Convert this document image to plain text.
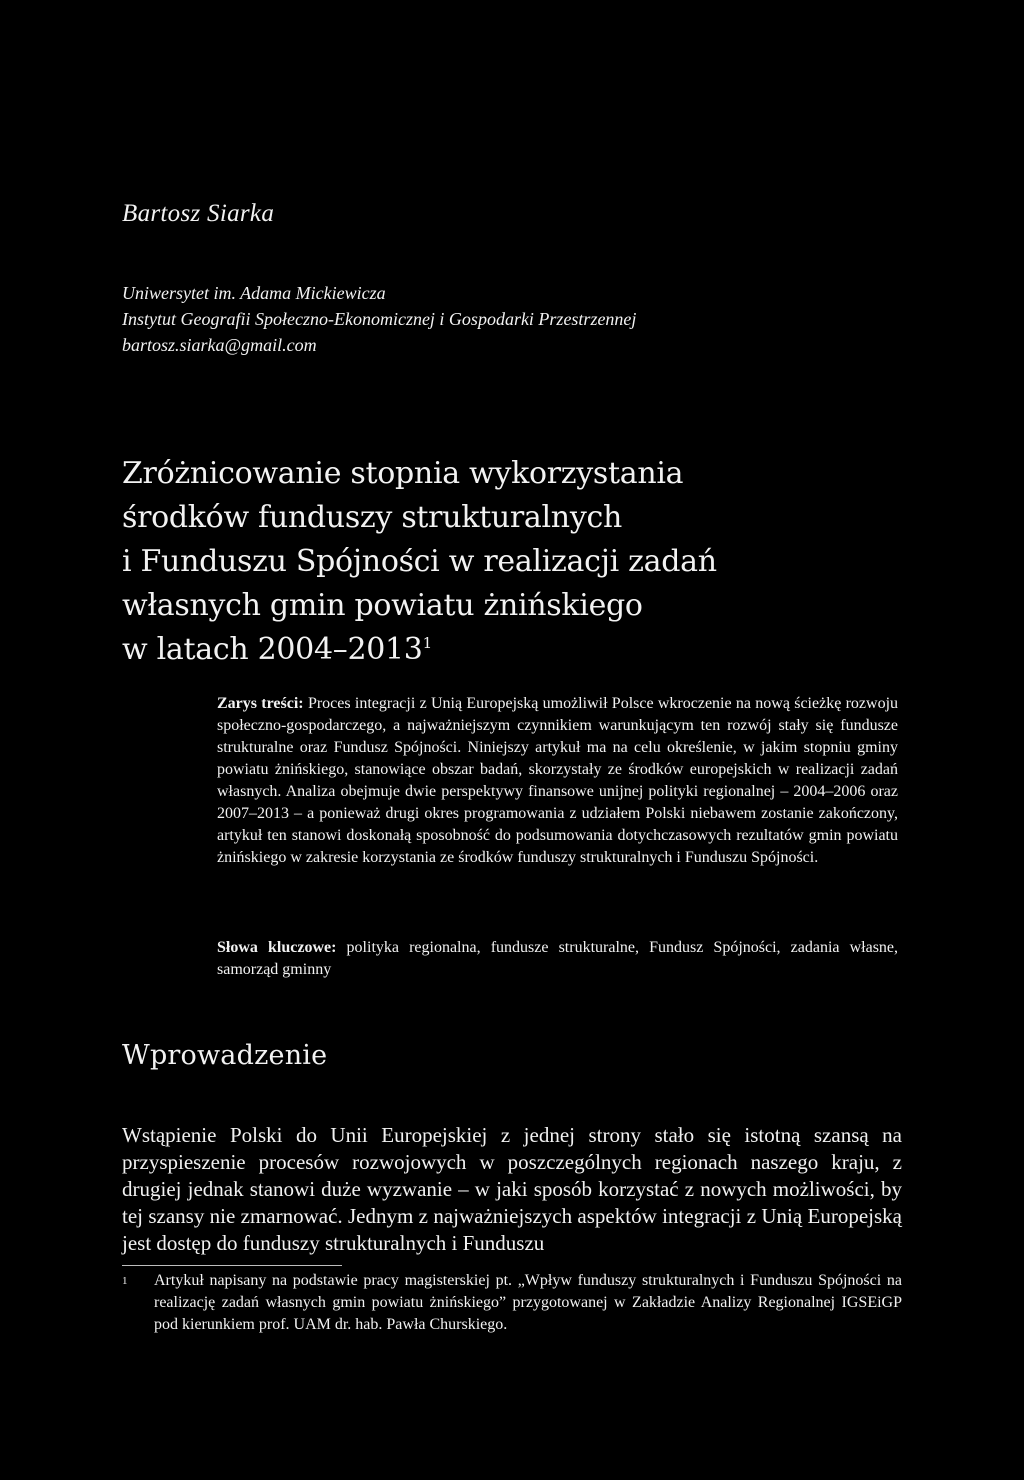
Bartosz Siarka
Uniwersytet im. Adama Mickiewicza
Instytut Geografii Społeczno-Ekonomicznej i Gospodarki Przestrzennej
bartosz.siarka@gmail.com
Zróżnicowanie stopnia wykorzystania
środków funduszy strukturalnych
i Funduszu Spójności w realizacji zadań
własnych gmin powiatu żnińskiego
w latach 2004–2013$^1$
Zarys treści: Proces integracji z Unią Europejską umożliwił Polsce wkroczenie na nową ścieżkę rozwoju społeczno-gospodarczego, a najważniejszym czynnikiem warunkującym ten rozwój stały się fundusze strukturalne oraz Fundusz Spójności. Niniejszy artykuł ma na celu określenie, w jakim stopniu gminy powiatu żnińskiego, stanowiące obszar badań, skorzystały ze środków europejskich w realizacji zadań własnych. Analiza obejmuje dwie perspektywy finansowe unijnej polityki regionalnej – 2004–2006 oraz 2007–2013 – a ponieważ drugi okres programowania z udziałem Polski niebawem zostanie zakończony, artykuł ten stanowi doskonałą sposobność do podsumowania dotychczasowych rezultatów gmin powiatu żnińskiego w zakresie korzystania ze środków funduszy strukturalnych i Funduszu Spójności.
Słowa kluczowe: polityka regionalna, fundusze strukturalne, Fundusz Spójności, zadania własne, samorząd gminny
Wprowadzenie

Wstąpienie Polski do Unii Europejskiej z jednej strony stało się istotną szansą na przyspieszenie procesów rozwojowych w poszczególnych regionach naszego kraju, z drugiej jednak stanowi duże wyzwanie – w jaki sposób korzystać z nowych możliwości, by tej szansy nie zmarnować. Jednym z najważniejszych aspektów integracji z Unią Europejską jest dostęp do funduszy strukturalnych i Funduszu

1 Artykuł napisany na podstawie pracy magisterskiej pt. „Wpływ funduszy strukturalnych i Funduszu Spójności na realizację zadań własnych gmin powiatu żnińskiego” przygotowanej w Zakładzie Analizy Regionalnej IGSEiGP pod kierunkiem prof. UAM dr. hab. Pawła Churskiego.
